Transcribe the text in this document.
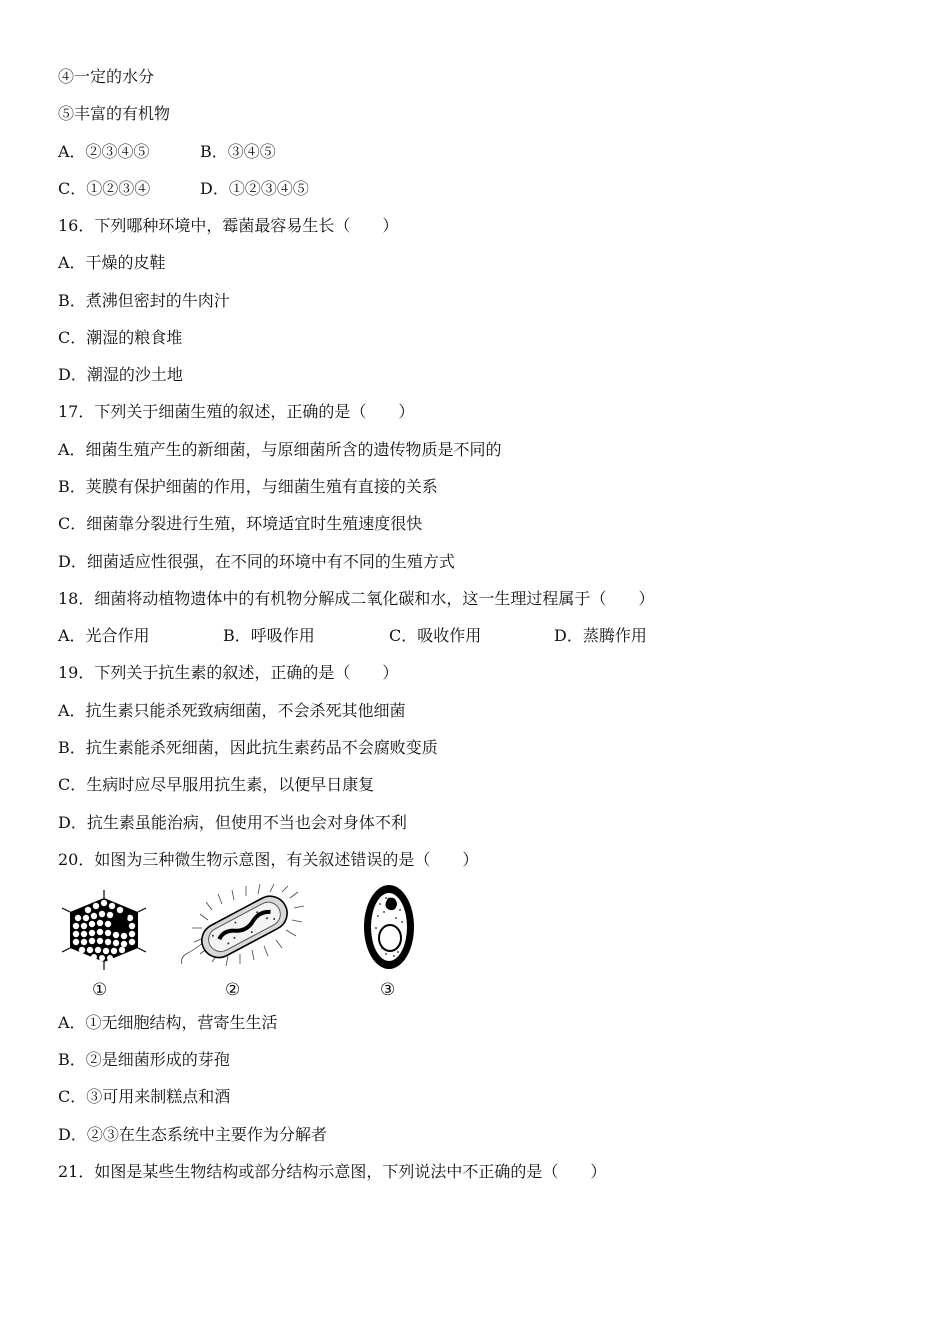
④一定的水分
⑤丰富的有机物
A．②③④⑤	B．③④⑤
C．①②③④	D．①②③④⑤
16．下列哪种环境中，霉菌最容易生长（　　）
A．干燥的皮鞋
B．煮沸但密封的牛肉汁
C．潮湿的粮食堆
D．潮湿的沙土地
17．下列关于细菌生殖的叙述，正确的是（　　）
A．细菌生殖产生的新细菌，与原细菌所含的遗传物质是不同的
B．荚膜有保护细菌的作用，与细菌生殖有直接的关系
C．细菌靠分裂进行生殖，环境适宜时生殖速度很快
D．细菌适应性很强，在不同的环境中有不同的生殖方式
18．细菌将动植物遗体中的有机物分解成二氧化碳和水，这一生理过程属于（　　）
A．光合作用	B．呼吸作用	C．吸收作用	D．蒸腾作用
19．下列关于抗生素的叙述，正确的是（　　）
A．抗生素只能杀死致病细菌，不会杀死其他细菌
B．抗生素能杀死细菌，因此抗生素药品不会腐败变质
C．生病时应尽早服用抗生素，以便早日康复
D．抗生素虽能治病，但使用不当也会对身体不利
20．如图为三种微生物示意图，有关叙述错误的是（　　）
①	②	③
A．①无细胞结构，营寄生生活
B．②是细菌形成的芽孢
C．③可用来制糕点和酒
D．②③在生态系统中主要作为分解者
21．如图是某些生物结构或部分结构示意图，下列说法中不正确的是（　　）
